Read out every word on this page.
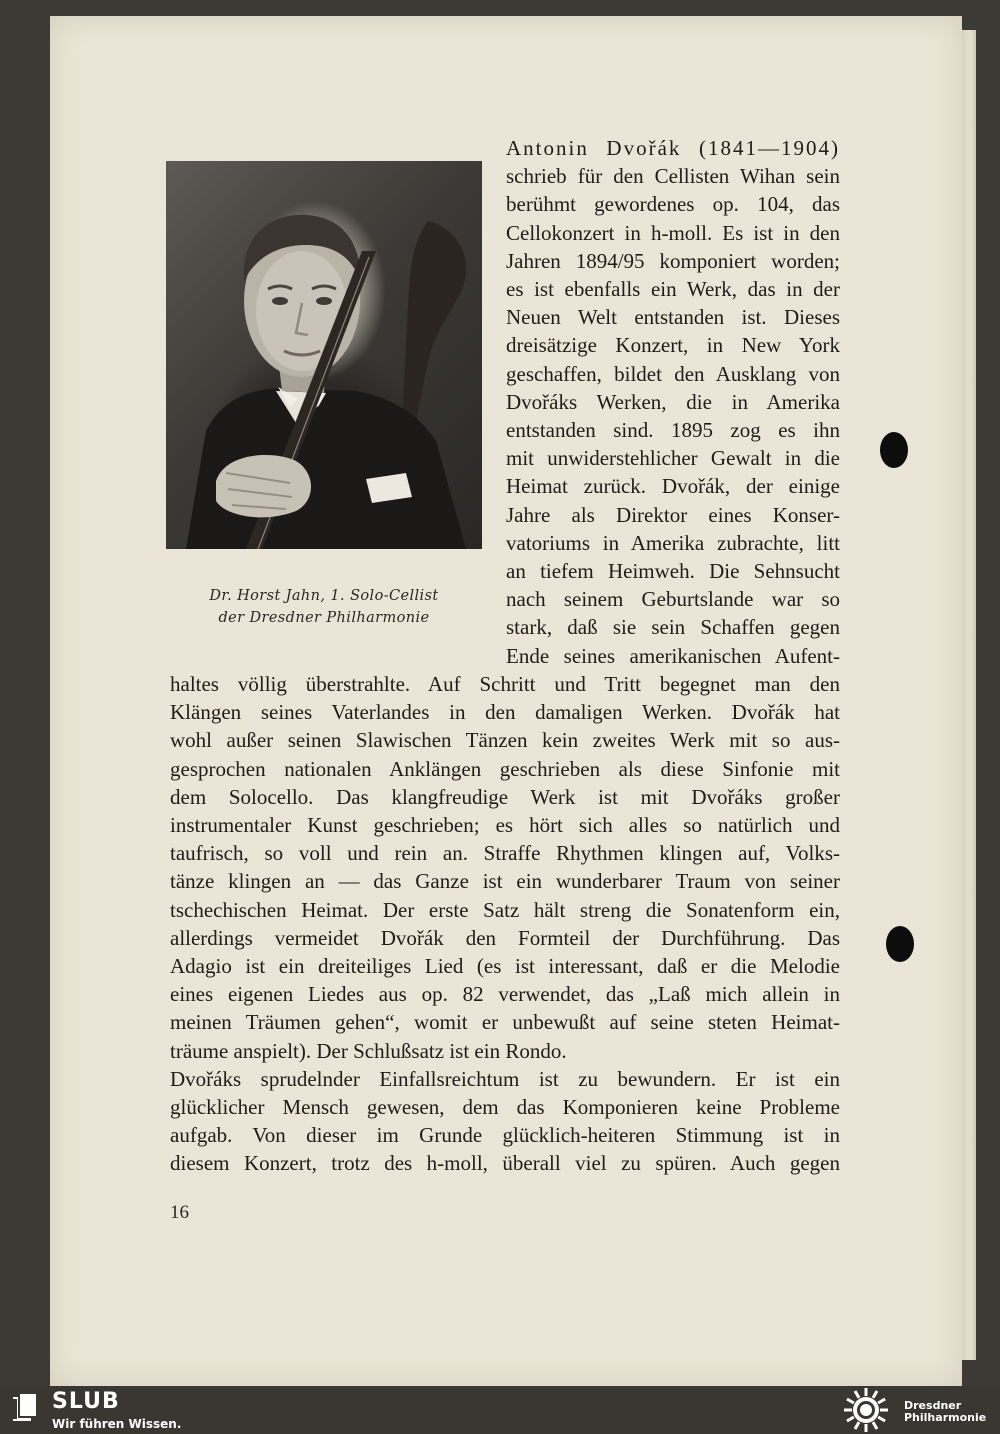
Dr. Horst Jahn, 1. Solo-Cellist
der Dresdner Philharmonie
Antonin Dvořák (1841—1904)
schrieb für den Cellisten Wihan sein
berühmt gewordenes op. 104, das
Cellokonzert in h-moll. Es ist in den
Jahren 1894/95 komponiert worden;
es ist ebenfalls ein Werk, das in der
Neuen Welt entstanden ist. Dieses
dreisätzige Konzert, in New York
geschaffen, bildet den Ausklang von
Dvořáks Werken, die in Amerika
entstanden sind. 1895 zog es ihn
mit unwiderstehlicher Gewalt in die
Heimat zurück. Dvořák, der einige
Jahre als Direktor eines Konser-
vatoriums in Amerika zubrachte, litt
an tiefem Heimweh. Die Sehnsucht
nach seinem Geburtslande war so
stark, daß sie sein Schaffen gegen
Ende seines amerikanischen Aufent-
haltes völlig überstrahlte. Auf Schritt und Tritt begegnet man den
Klängen seines Vaterlandes in den damaligen Werken. Dvořák hat
wohl außer seinen Slawischen Tänzen kein zweites Werk mit so aus-
gesprochen nationalen Anklängen geschrieben als diese Sinfonie mit
dem Solocello. Das klangfreudige Werk ist mit Dvořáks großer
instrumentaler Kunst geschrieben; es hört sich alles so natürlich und
taufrisch, so voll und rein an. Straffe Rhythmen klingen auf, Volks-
tänze klingen an — das Ganze ist ein wunderbarer Traum von seiner
tschechischen Heimat. Der erste Satz hält streng die Sonatenform ein,
allerdings vermeidet Dvořák den Formteil der Durchführung. Das
Adagio ist ein dreiteiliges Lied (es ist interessant, daß er die Melodie
eines eigenen Liedes aus op. 82 verwendet, das „Laß mich allein in
meinen Träumen gehen“, womit er unbewußt auf seine steten Heimat-
träume anspielt). Der Schlußsatz ist ein Rondo.
Dvořáks sprudelnder Einfallsreichtum ist zu bewundern. Er ist ein
glücklicher Mensch gewesen, dem das Komponieren keine Probleme
aufgab. Von dieser im Grunde glücklich-heiteren Stimmung ist in
diesem Konzert, trotz des h-moll, überall viel zu spüren. Auch gegen
16
SLUB
Wir führen Wissen.
Dresdner
Philharmonie
